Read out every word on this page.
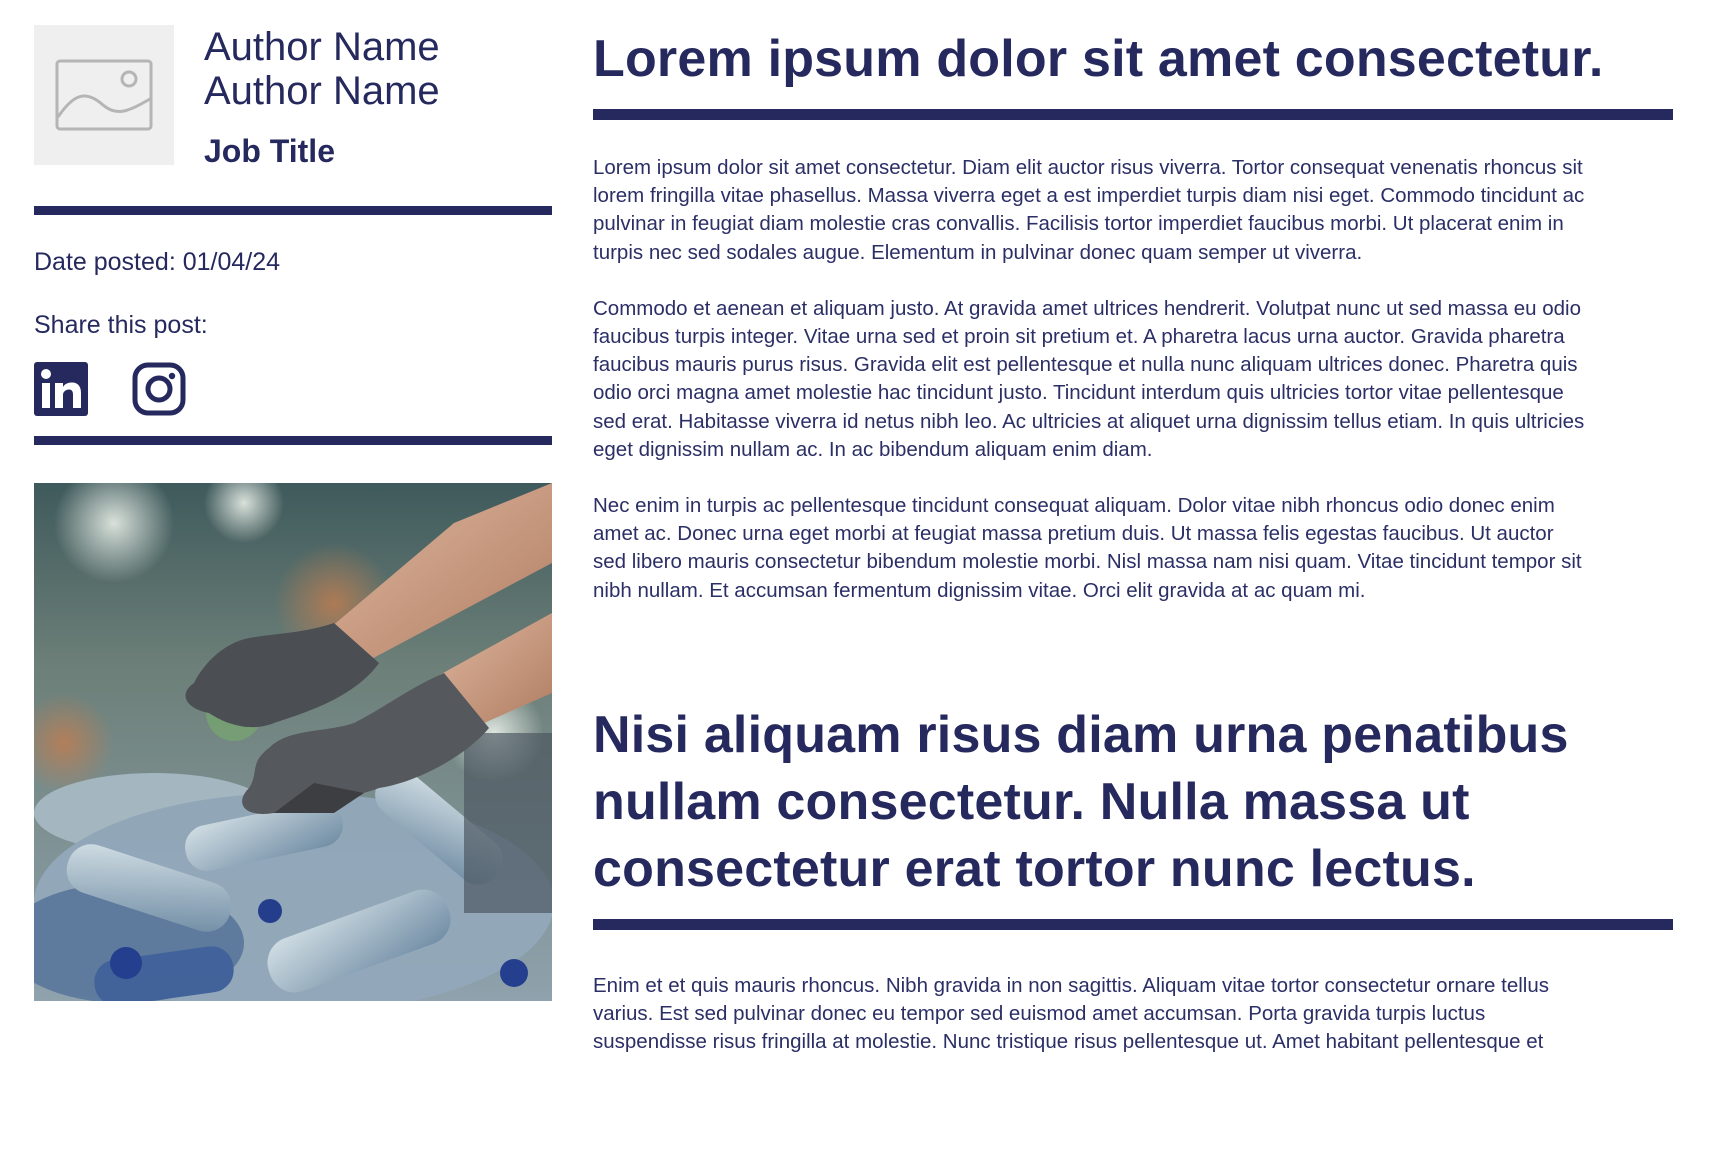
Author Name
Author Name
Job Title
Date posted: 01/04/24
Share this post:
Lorem ipsum dolor sit amet consectetur.

Lorem ipsum dolor sit amet consectetur. Diam elit auctor risus viverra. Tortor consequat venenatis rhoncus sit lorem fringilla vitae phasellus. Massa viverra eget a est imperdiet turpis diam nisi eget. Commodo tincidunt ac pulvinar in feugiat diam molestie cras convallis. Facilisis tortor imperdiet faucibus morbi. Ut placerat enim in turpis nec sed sodales augue. Elementum in pulvinar donec quam semper ut viverra.

Commodo et aenean et aliquam justo. At gravida amet ultrices hendrerit. Volutpat nunc ut sed massa eu odio faucibus turpis integer. Vitae urna sed et proin sit pretium et. A pharetra lacus urna auctor. Gravida pharetra faucibus mauris purus risus. Gravida elit est pellentesque et nulla nunc aliquam ultrices donec. Pharetra quis odio orci magna amet molestie hac tincidunt justo. Tincidunt interdum quis ultricies tortor vitae pellentesque sed erat. Habitasse viverra id netus nibh leo. Ac ultricies at aliquet urna dignissim tellus etiam. In quis ultricies eget dignissim nullam ac. In ac bibendum aliquam enim diam.

Nec enim in turpis ac pellentesque tincidunt consequat aliquam. Dolor vitae nibh rhoncus odio donec enim amet ac. Donec urna eget morbi at feugiat massa pretium duis. Ut massa felis egestas faucibus. Ut auctor sed libero mauris consectetur bibendum molestie morbi. Nisl massa nam nisi quam. Vitae tincidunt tempor sit nibh nullam. Et accumsan fermentum dignissim vitae. Orci elit gravida at ac quam mi.

Nisi aliquam risus diam urna penatibus nullam consectetur. Nulla massa ut consectetur erat tortor nunc lectus.

Enim et et quis mauris rhoncus. Nibh gravida in non sagittis. Aliquam vitae tortor consectetur ornare tellus varius. Est sed pulvinar donec eu tempor sed euismod amet accumsan. Porta gravida turpis luctus suspendisse risus fringilla at molestie. Nunc tristique risus pellentesque ut. Amet habitant pellentesque et
